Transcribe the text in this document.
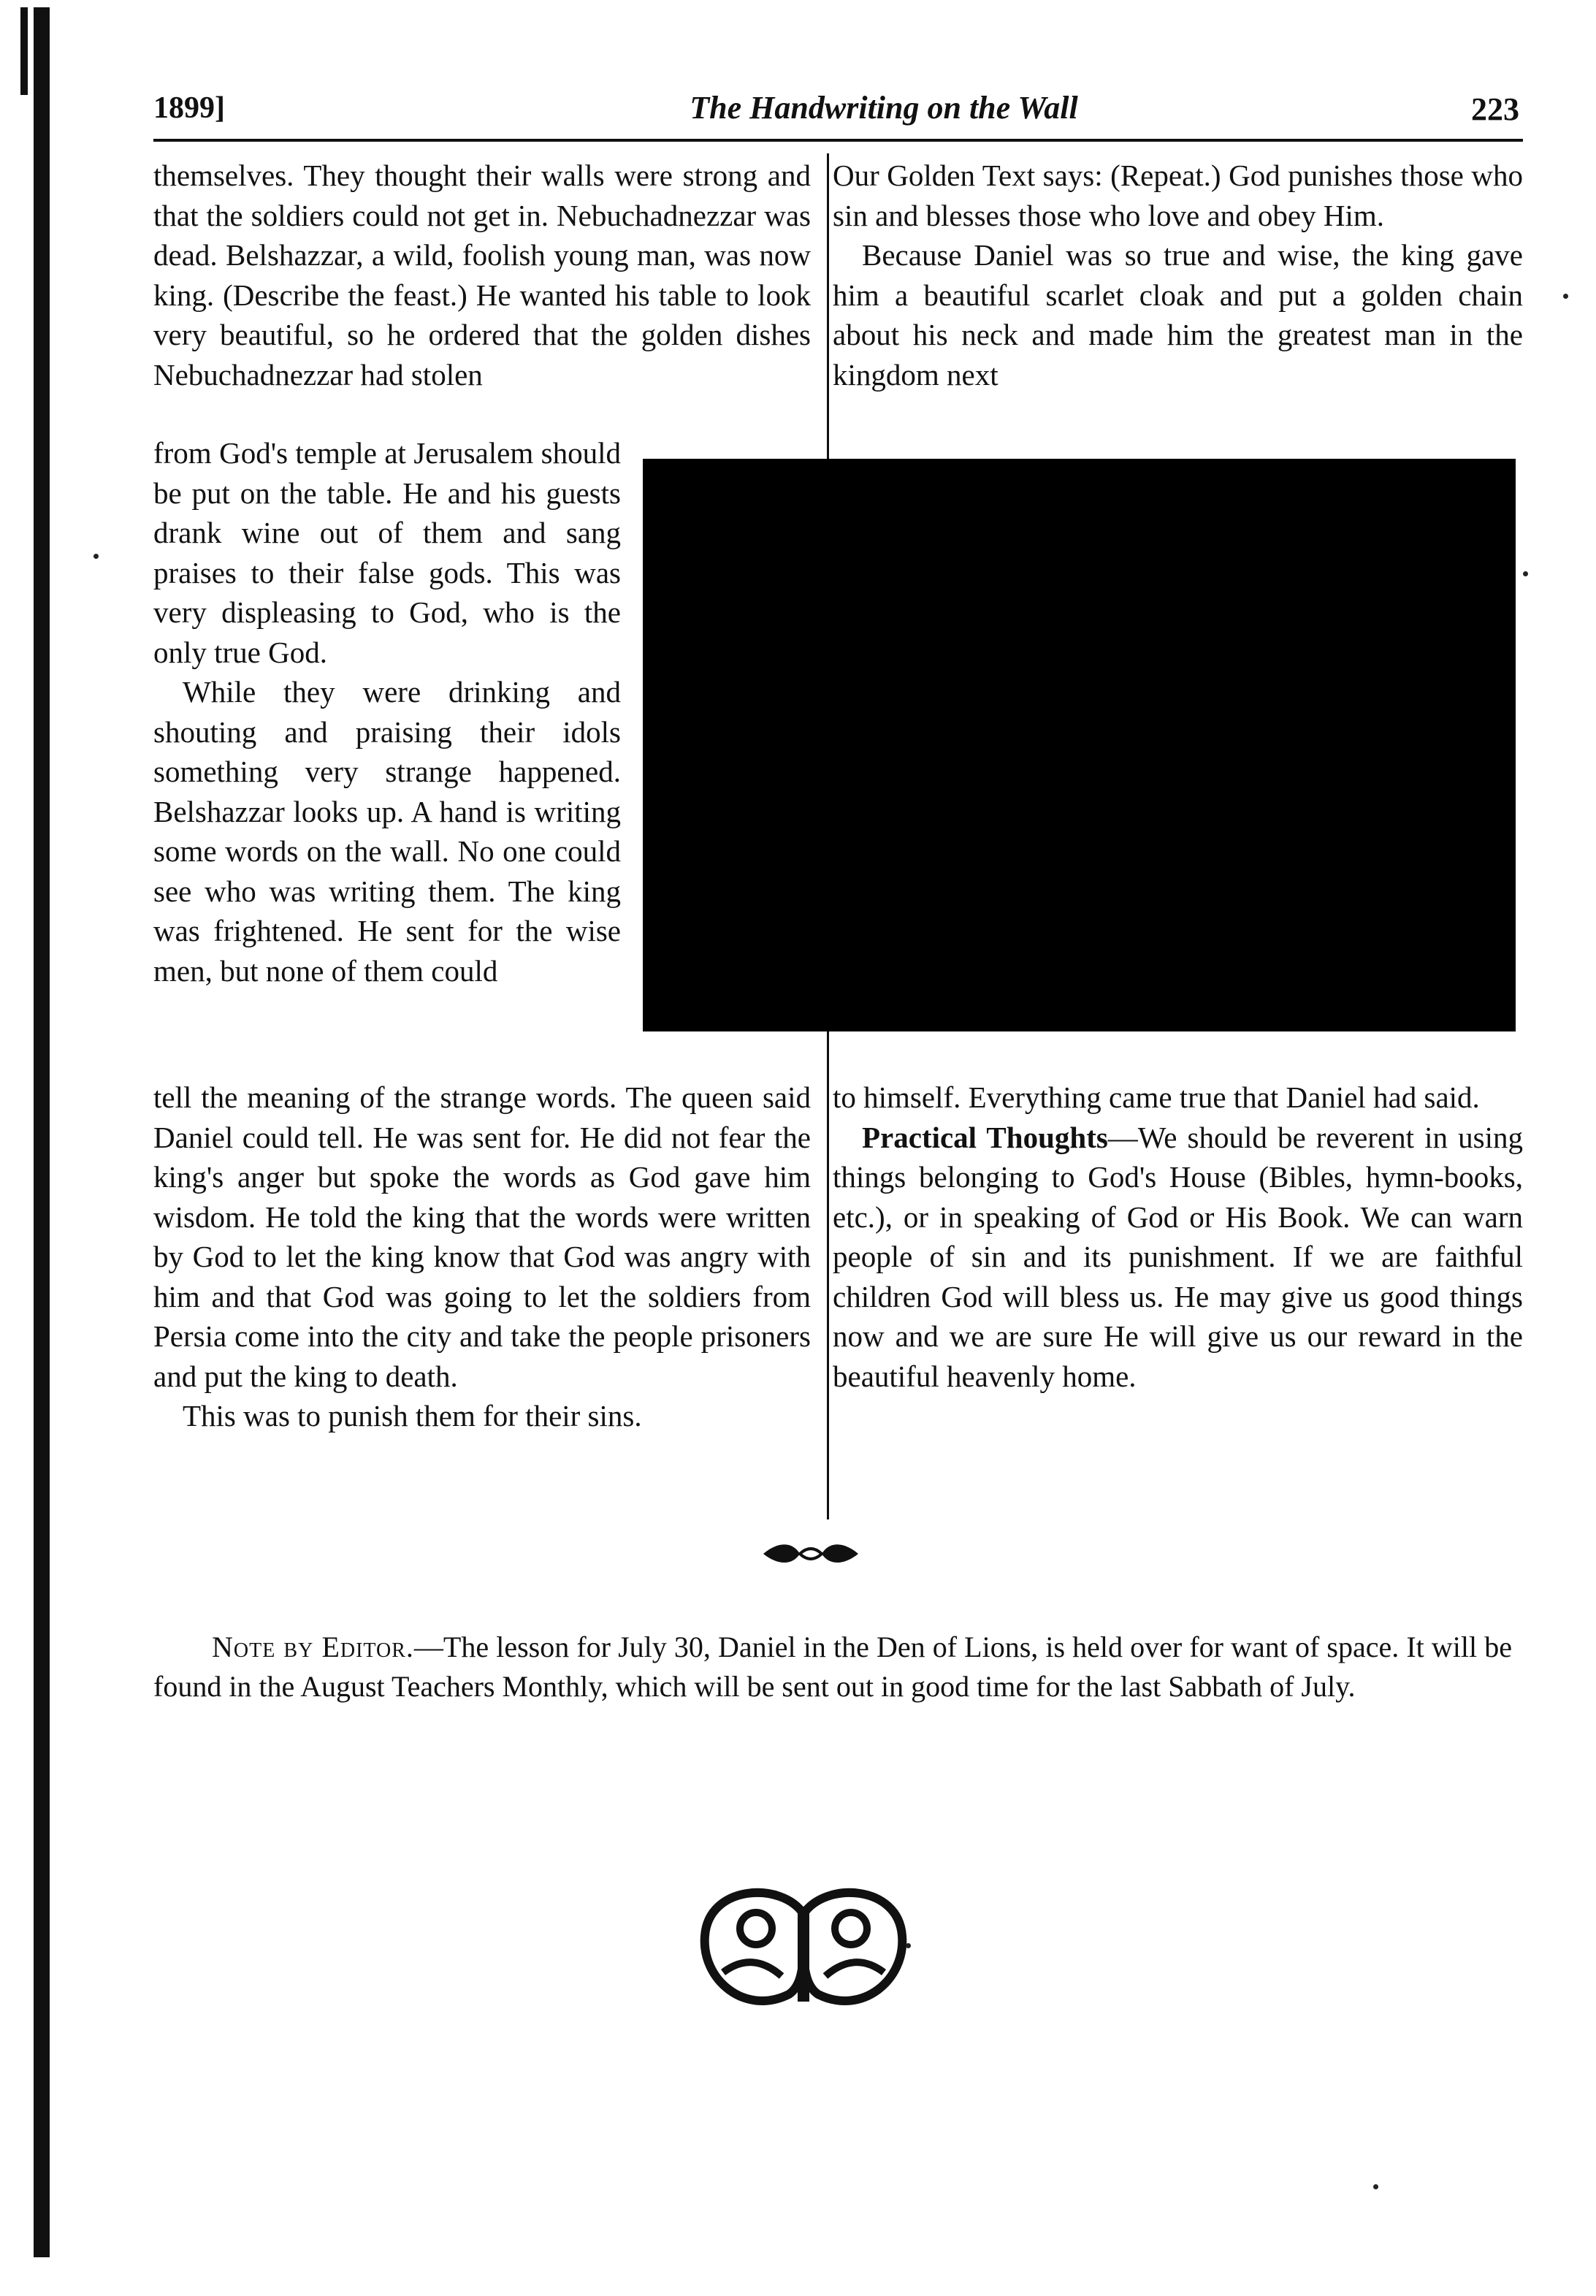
1899]	The Handwriting on the Wall	223

themselves. They thought their walls were strong and that the soldiers could not get in. Nebuchadnezzar was dead. Belshazzar, a wild, foolish young man, was now king. (Describe the feast.) He wanted his table to look very beautiful, so he ordered that the golden dishes Nebuchadnezzar had stolen

from God's temple at Jerusalem should be put on the table. He and his guests drank wine out of them and sang praises to their false gods. This was very displeasing to God, who is the only true God.

While they were drinking and shouting and praising their idols something very strange happened. Belshazzar looks up. A hand is writing some words on the wall. No one could see who was writing them. The king was frightened. He sent for the wise men, but none of them could

tell the meaning of the strange words. The queen said Daniel could tell. He was sent for. He did not fear the king's anger but spoke the words as God gave him wisdom. He told the king that the words were written by God to let the king know that God was angry with him and that God was going to let the soldiers from Persia come into the city and take the people prisoners and put the king to death.

This was to punish them for their sins.

Our Golden Text says: (Repeat.) God punishes those who sin and blesses those who love and obey Him.

Because Daniel was so true and wise, the king gave him a beautiful scarlet cloak and put a golden chain about his neck and made him the greatest man in the kingdom next

to himself. Everything came true that Daniel had said.

Practical Thoughts—We should be reverent in using things belonging to God's House (Bibles, hymn-books, etc.), or in speaking of God or His Book. We can warn people of sin and its punishment. If we are faithful children God will bless us. He may give us good things now and we are sure He will give us our reward in the beautiful heavenly home.

Note by Editor.—The lesson for July 30, Daniel in the Den of Lions, is held over for want of space. It will be found in the August Teachers Monthly, which will be sent out in good time for the last Sabbath of July.
